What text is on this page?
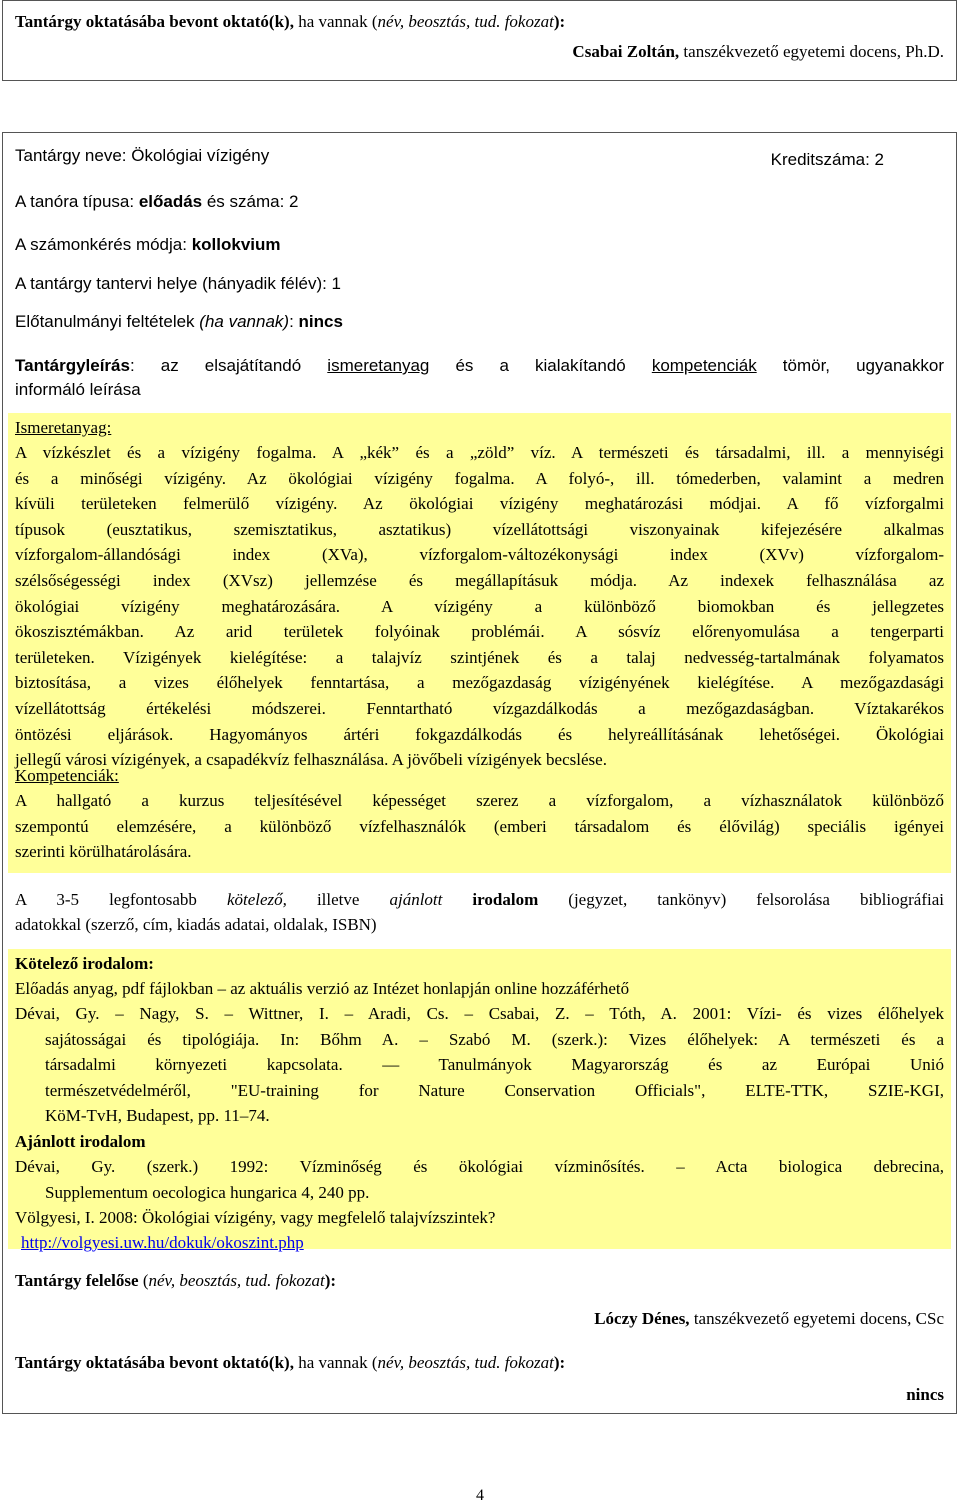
Tantárgy oktatásába bevont oktató(k), ha vannak (név, beosztás, tud. fokozat):
Csabai Zoltán, tanszékvezető egyetemi docens, Ph.D.
Tantárgy neve: Ökológiai vízigény	Kreditszáma: 2
A tanóra típusa: előadás és száma: 2
A számonkérés módja: kollokvium
A tantárgy tantervi helye (hányadik félév): 1
Előtanulmányi feltételek (ha vannak): nincs
Tantárgyleírás: az elsajátítandó ismeretanyag és a kialakítandó kompetenciák tömör, ugyanakkor
informáló leírása
Ismeretanyag:
A vízkészlet és a vízigény fogalma. A „kék” és a „zöld” víz. A természeti és társadalmi, ill. a mennyiségi
és a minőségi vízigény. Az ökológiai vízigény fogalma. A folyó-, ill. tómederben, valamint a medren
kívüli területeken felmerülő vízigény. Az ökológiai vízigény meghatározási módjai. A fő vízforgalmi
típusok (eusztatikus, szemisztatikus, asztatikus) vízellátottsági viszonyainak kifejezésére alkalmas
vízforgalom-állandósági index (XVa), vízforgalom-változékonysági index (XVv) vízforgalom-
szélsőségességi index (XVsz) jellemzése és megállapításuk módja. Az indexek felhasználása az
ökológiai vízigény meghatározására. A vízigény a különböző biomokban és jellegzetes
ökoszisztémákban. Az arid területek folyóinak problémái. A sósvíz előrenyomulása a tengerparti
területeken. Vízigények kielégítése: a talajvíz szintjének és a talaj nedvesség-tartalmának folyamatos
biztosítása, a vizes élőhelyek fenntartása, a mezőgazdaság vízigényének kielégítése. A mezőgazdasági
vízellátottság értékelési módszerei. Fenntartható vízgazdálkodás a mezőgazdaságban. Víztakarékos
öntözési eljárások. Hagyományos ártéri fokgazdálkodás és helyreállításának lehetőségei. Ökológiai
jellegű városi vízigények, a csapadékvíz felhasználása. A jövőbeli vízigények becslése.
Kompetenciák:
A hallgató a kurzus teljesítésével képességet szerez a vízforgalom, a vízhasználatok különböző
szempontú elemzésére, a különböző vízfelhasználók (emberi társadalom és élővilág) speciális igényei
szerinti körülhatárolására.
A 3-5 legfontosabb kötelező, illetve ajánlott irodalom (jegyzet, tankönyv) felsorolása bibliográfiai
adatokkal (szerző, cím, kiadás adatai, oldalak, ISBN)
Kötelező irodalom:
Előadás anyag, pdf fájlokban – az aktuális verzió az Intézet honlapján online hozzáférhető
Dévai, Gy. – Nagy, S. – Wittner, I. – Aradi, Cs. – Csabai, Z. – Tóth, A. 2001: Vízi- és vizes élőhelyek
sajátosságai és tipológiája. In: Bőhm A. – Szabó M. (szerk.): Vizes élőhelyek: A természeti és a
társadalmi környezeti kapcsolata. — Tanulmányok Magyarország és az Európai Unió
természetvédelméről, "EU-training for Nature Conservation Officials", ELTE-TTK, SZIE-KGI,
KöM-TvH, Budapest, pp. 11–74.
Ajánlott irodalom
Dévai, Gy. (szerk.) 1992: Vízminőség és ökológiai vízminősítés. – Acta biologica debrecina,
Supplementum oecologica hungarica 4, 240 pp.
Völgyesi, I. 2008: Ökológiai vízigény, vagy megfelelő talajvízszintek?
http://volgyesi.uw.hu/dokuk/okoszint.php
Tantárgy felelőse (név, beosztás, tud. fokozat):
Lóczy Dénes, tanszékvezető egyetemi docens, CSc
Tantárgy oktatásába bevont oktató(k), ha vannak (név, beosztás, tud. fokozat):
nincs
4
